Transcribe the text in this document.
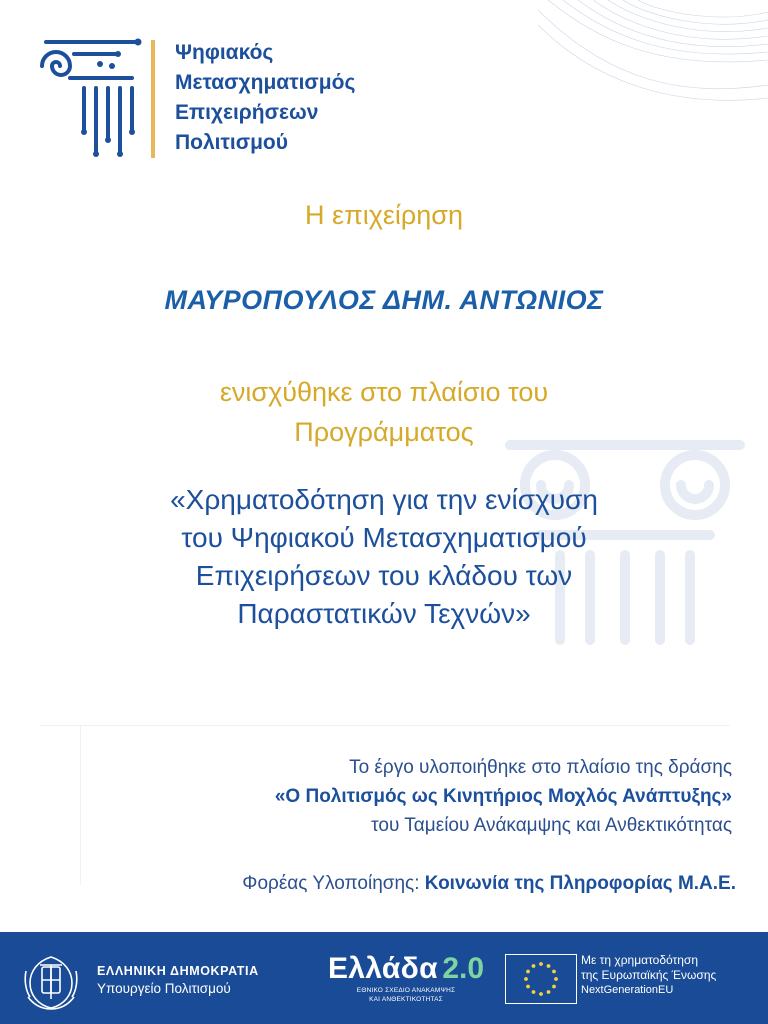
Ψηφιακός
Μετασχηματισμός
Επιχειρήσεων
Πολιτισμού
Η επιχείρηση
ΜΑΥΡΟΠΟΥΛΟΣ ΔΗΜ. ΑΝΤΩΝΙΟΣ
ενισχύθηκε στο πλαίσιο του
Προγράμματος
«Χρηματοδότηση για την ενίσχυση
του Ψηφιακού Μετασχηματισμού
Επιχειρήσεων του κλάδου των
Παραστατικών Τεχνών»
Το έργο υλοποιήθηκε στο πλαίσιο της δράσης
«Ο Πολιτισμός ως Κινητήριος Μοχλός Ανάπτυξης»
του Ταμείου Ανάκαμψης και Ανθεκτικότητας
Φορέας Υλοποίησης: Κοινωνία της Πληροφορίας Μ.Α.Ε.
ΕΛΛΗΝΙΚΗ ΔΗΜΟΚΡΑΤΙΑ
Υπουργείο Πολιτισμού
Ελλάδα 2.0
ΕΘΝΙΚΟ ΣΧΕΔΙΟ ΑΝΑΚΑΜΨΗΣ
ΚΑΙ ΑΝΘΕΚΤΙΚΟΤΗΤΑΣ
Με τη χρηματοδότηση
της Ευρωπαϊκής Ένωσης
NextGenerationEU
